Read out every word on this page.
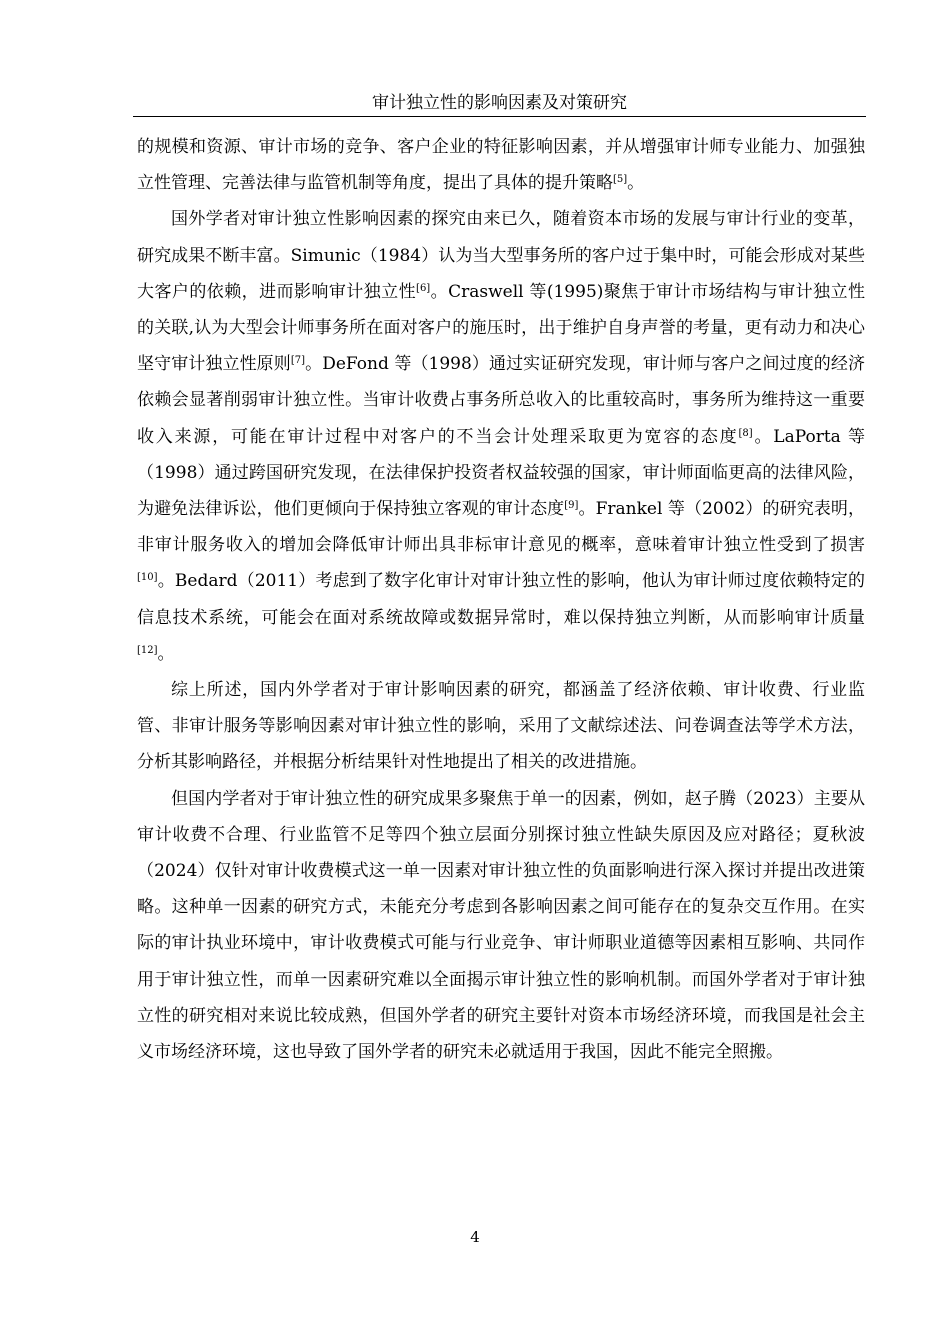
审计独立性的影响因素及对策研究

的规模和资源、审计市场的竞争、客户企业的特征影响因素，并从增强审计师专业能力、加强独立性管理、完善法律与监管机制等角度，提出了具体的提升策略[5]。

国外学者对审计独立性影响因素的探究由来已久，随着资本市场的发展与审计行业的变革，研究成果不断丰富。Simunic（1984）认为当大型事务所的客户过于集中时，可能会形成对某些大客户的依赖，进而影响审计独立性[6]。Craswell 等(1995)聚焦于审计市场结构与审计独立性的关联,认为大型会计师事务所在面对客户的施压时，出于维护自身声誉的考量，更有动力和决心坚守审计独立性原则[7]。DeFond 等（1998）通过实证研究发现，审计师与客户之间过度的经济依赖会显著削弱审计独立性。当审计收费占事务所总收入的比重较高时，事务所为维持这一重要收入来源，可能在审计过程中对客户的不当会计处理采取更为宽容的态度[8]。LaPorta 等（1998）通过跨国研究发现，在法律保护投资者权益较强的国家，审计师面临更高的法律风险，为避免法律诉讼，他们更倾向于保持独立客观的审计态度[9]。Frankel 等（2002）的研究表明，非审计服务收入的增加会降低审计师出具非标审计意见的概率，意味着审计独立性受到了损害[10]。Bedard（2011）考虑到了数字化审计对审计独立性的影响，他认为审计师过度依赖特定的信息技术系统，可能会在面对系统故障或数据异常时，难以保持独立判断，从而影响审计质量[12]。

综上所述，国内外学者对于审计影响因素的研究，都涵盖了经济依赖、审计收费、行业监管、非审计服务等影响因素对审计独立性的影响，采用了文献综述法、问卷调查法等学术方法，分析其影响路径，并根据分析结果针对性地提出了相关的改进措施。

但国内学者对于审计独立性的研究成果多聚焦于单一的因素，例如，赵子腾（2023）主要从审计收费不合理、行业监管不足等四个独立层面分别探讨独立性缺失原因及应对路径；夏秋波（2024）仅针对审计收费模式这一单一因素对审计独立性的负面影响进行深入探讨并提出改进策略。这种单一因素的研究方式，未能充分考虑到各影响因素之间可能存在的复杂交互作用。在实际的审计执业环境中，审计收费模式可能与行业竞争、审计师职业道德等因素相互影响、共同作用于审计独立性，而单一因素研究难以全面揭示审计独立性的影响机制。而国外学者对于审计独立性的研究相对来说比较成熟，但国外学者的研究主要针对资本市场经济环境，而我国是社会主义市场经济环境，这也导致了国外学者的研究未必就适用于我国，因此不能完全照搬。

4
